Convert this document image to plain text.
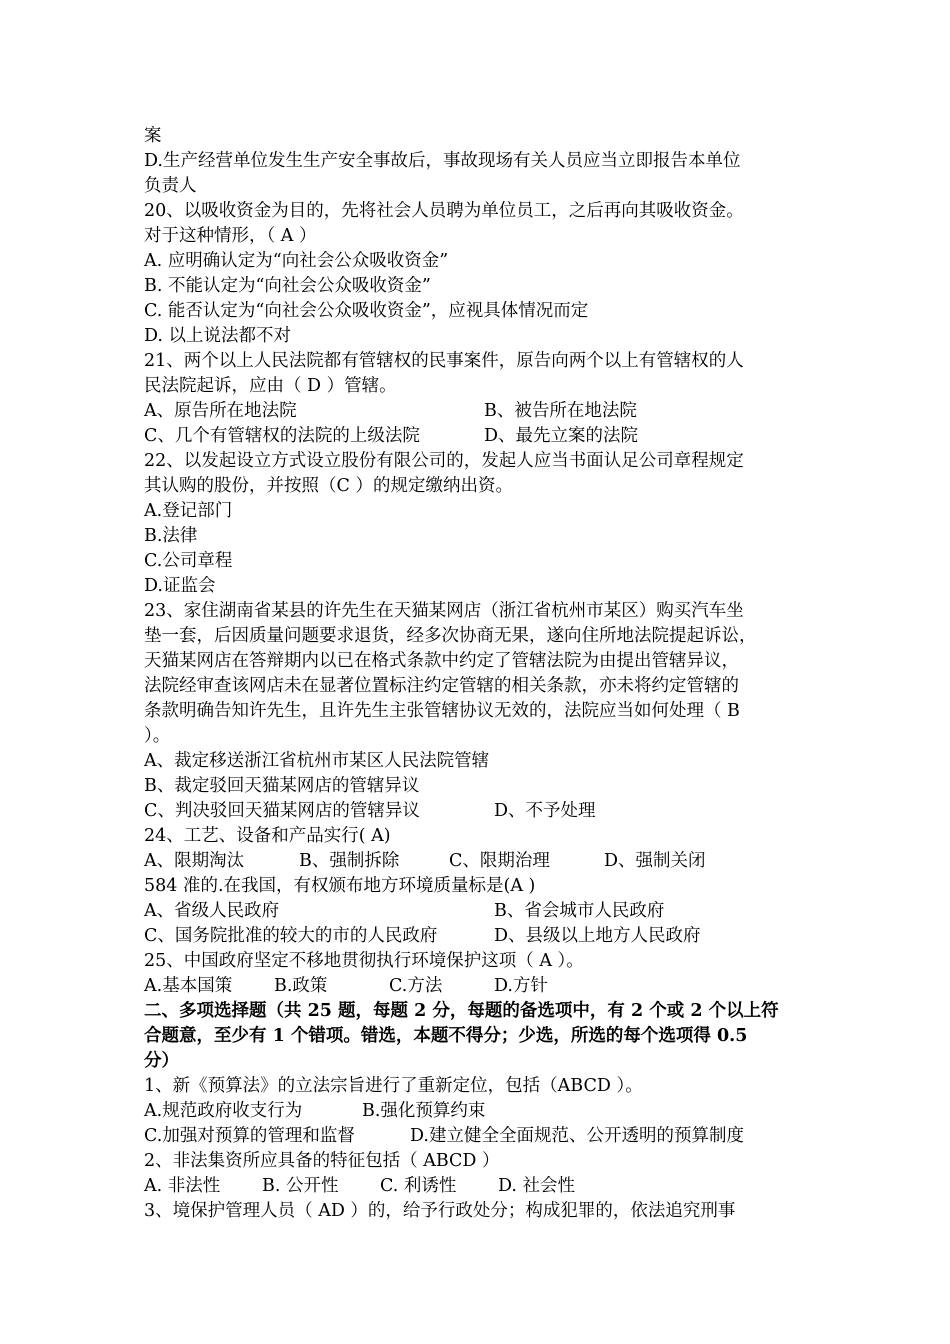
案
D.生产经营单位发生生产安全事故后，事故现场有关人员应当立即报告本单位
负责人
20、以吸收资金为目的，先将社会人员聘为单位员工，之后再向其吸收资金。
对于这种情形，（ A ）
A. 应明确认定为“向社会公众吸收资金”
B. 不能认定为“向社会公众吸收资金”
C. 能否认定为“向社会公众吸收资金”，应视具体情况而定
D. 以上说法都不对
21、两个以上人民法院都有管辖权的民事案件，原告向两个以上有管辖权的人
民法院起诉，应由（ D ）管辖。
A、原告所在地法院	B、被告所在地法院
C、几个有管辖权的法院的上级法院	D、最先立案的法院
22、以发起设立方式设立股份有限公司的，发起人应当书面认足公司章程规定
其认购的股份，并按照（C ）的规定缴纳出资。
A.登记部门
B.法律
C.公司章程
D.证监会
23、家住湖南省某县的许先生在天猫某网店（浙江省杭州市某区）购买汽车坐
垫一套，后因质量问题要求退货，经多次协商无果，遂向住所地法院提起诉讼，
天猫某网店在答辩期内以已在格式条款中约定了管辖法院为由提出管辖异议，
法院经审查该网店未在显著位置标注约定管辖的相关条款，亦未将约定管辖的
条款明确告知许先生，且许先生主张管辖协议无效的，法院应当如何处理（ B
）。
A、裁定移送浙江省杭州市某区人民法院管辖
B、裁定驳回天猫某网店的管辖异议
C、判决驳回天猫某网店的管辖异议	D、不予处理
24、工艺、设备和产品实行( A)
A、限期淘汰	B、强制拆除	C、限期治理	D、强制关闭
584 准的.在我国，有权颁布地方环境质量标是(A )
A、省级人民政府	B、省会城市人民政府
C、国务院批准的较大的市的人民政府	D、县级以上地方人民政府
25、中国政府坚定不移地贯彻执行环境保护这项（ A ）。
A.基本国策	B.政策	C.方法	D.方针
二、多项选择题（共 25 题，每题 2 分，每题的备选项中，有 2 个或 2 个以上符
合题意，至少有 1 个错项。错选，本题不得分；少选，所选的每个选项得 0.5
分）
1、新《预算法》的立法宗旨进行了重新定位，包括（ABCD ）。
A.规范政府收支行为	B.强化预算约束
C.加强对预算的管理和监督	D.建立健全全面规范、公开透明的预算制度
2、非法集资所应具备的特征包括（ ABCD ）
A. 非法性	B. 公开性	C. 利诱性	D. 社会性
3、境保护管理人员（ AD ）的，给予行政处分；构成犯罪的，依法追究刑事
